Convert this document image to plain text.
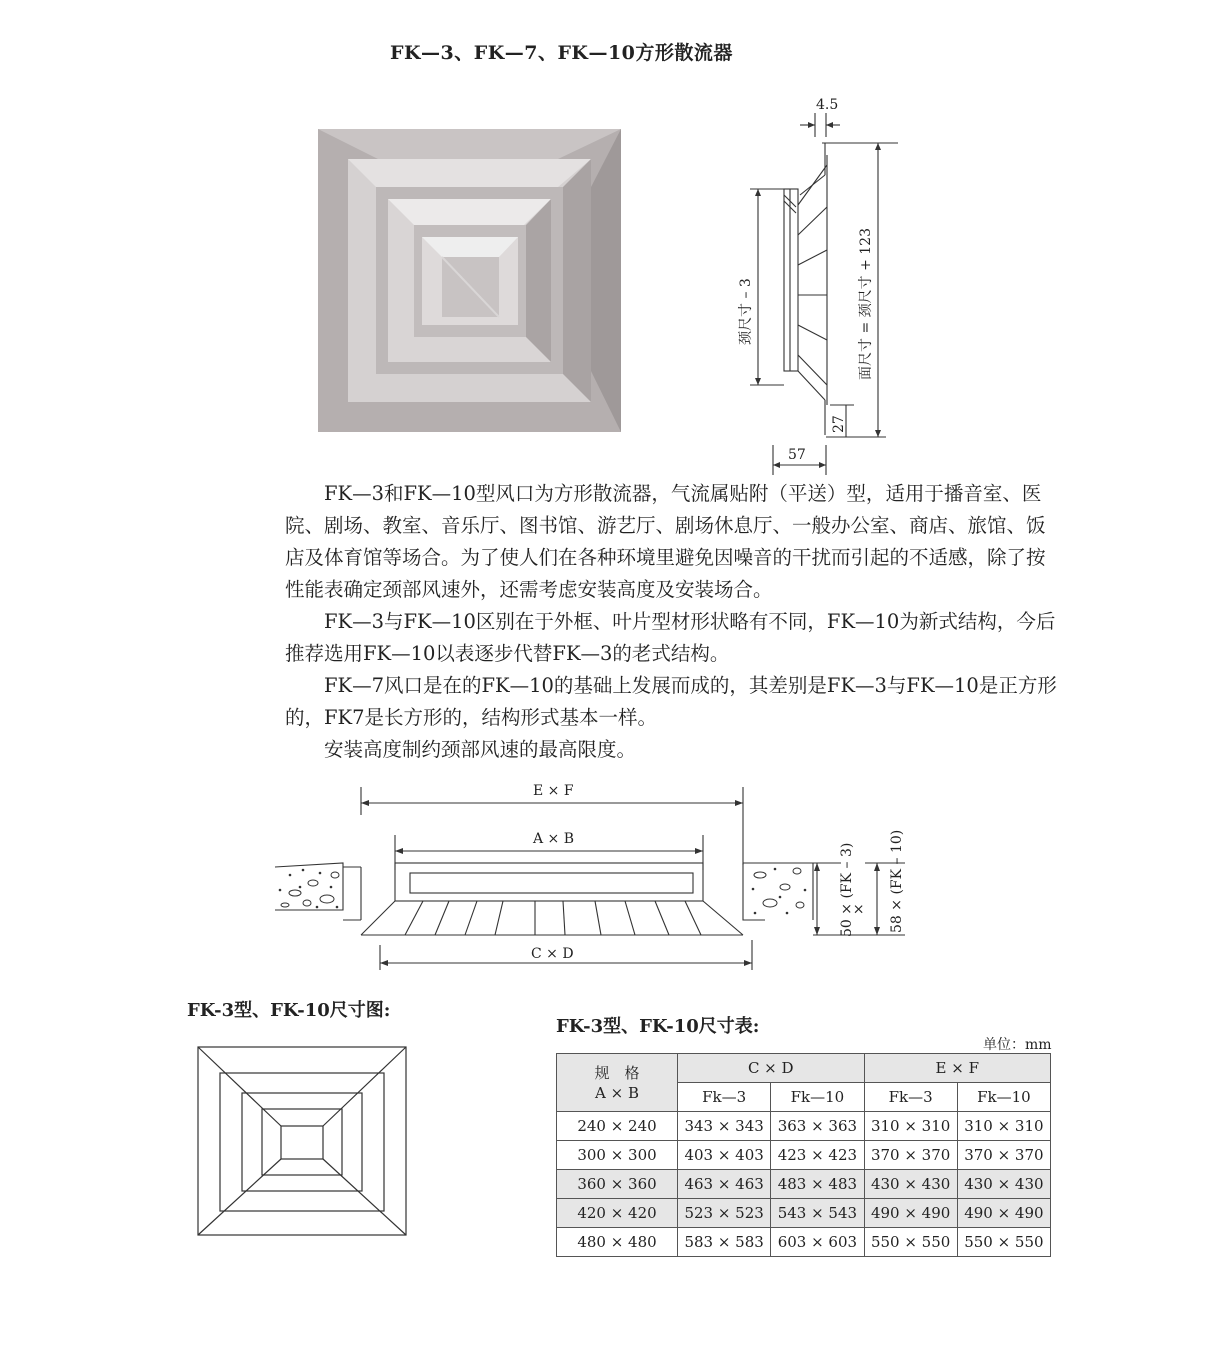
FK—3、FK—7、FK—10方形散流器
4.5
颈尺寸 – 3	面尺寸 = 颈尺寸 + 123
27
57
FK—3和FK—10型风口为方形散流器，气流属贴附（平送）型，适用于播音室、医院、剧场、教室、音乐厅、图书馆、游艺厅、剧场休息厅、一般办公室、商店、旅馆、饭店及体育馆等场合。为了使人们在各种环境里避免因噪音的干扰而引起的不适感，除了按性能表确定颈部风速外，还需考虑安装高度及安装场合。
FK—3与FK—10区别在于外框、叶片型材形状略有不同，FK—10为新式结构，今后推荐选用FK—10以表逐步代替FK—3的老式结构。
FK—7风口是在的FK—10的基础上发展而成的，其差别是FK—3与FK—10是正方形的，FK7是长方形的，结构形式基本一样。
安装高度制约颈部风速的最高限度。
E × F
A × B
C × D
50 × (FK – 3)
× 58 × (FK – 10)
FK-3型、FK-10尺寸图:
FK-3型、FK-10尺寸表:
单位：mm
规　格
A × B	C × D		E × F	
	Fk—3	Fk—10	Fk—3	Fk—10
240 × 240	343 × 343	363 × 363	310 × 310	310 × 310
300 × 300	403 × 403	423 × 423	370 × 370	370 × 370
360 × 360	463 × 463	483 × 483	430 × 430	430 × 430
420 × 420	523 × 523	543 × 543	490 × 490	490 × 490
480 × 480	583 × 583	603 × 603	550 × 550	550 × 550
